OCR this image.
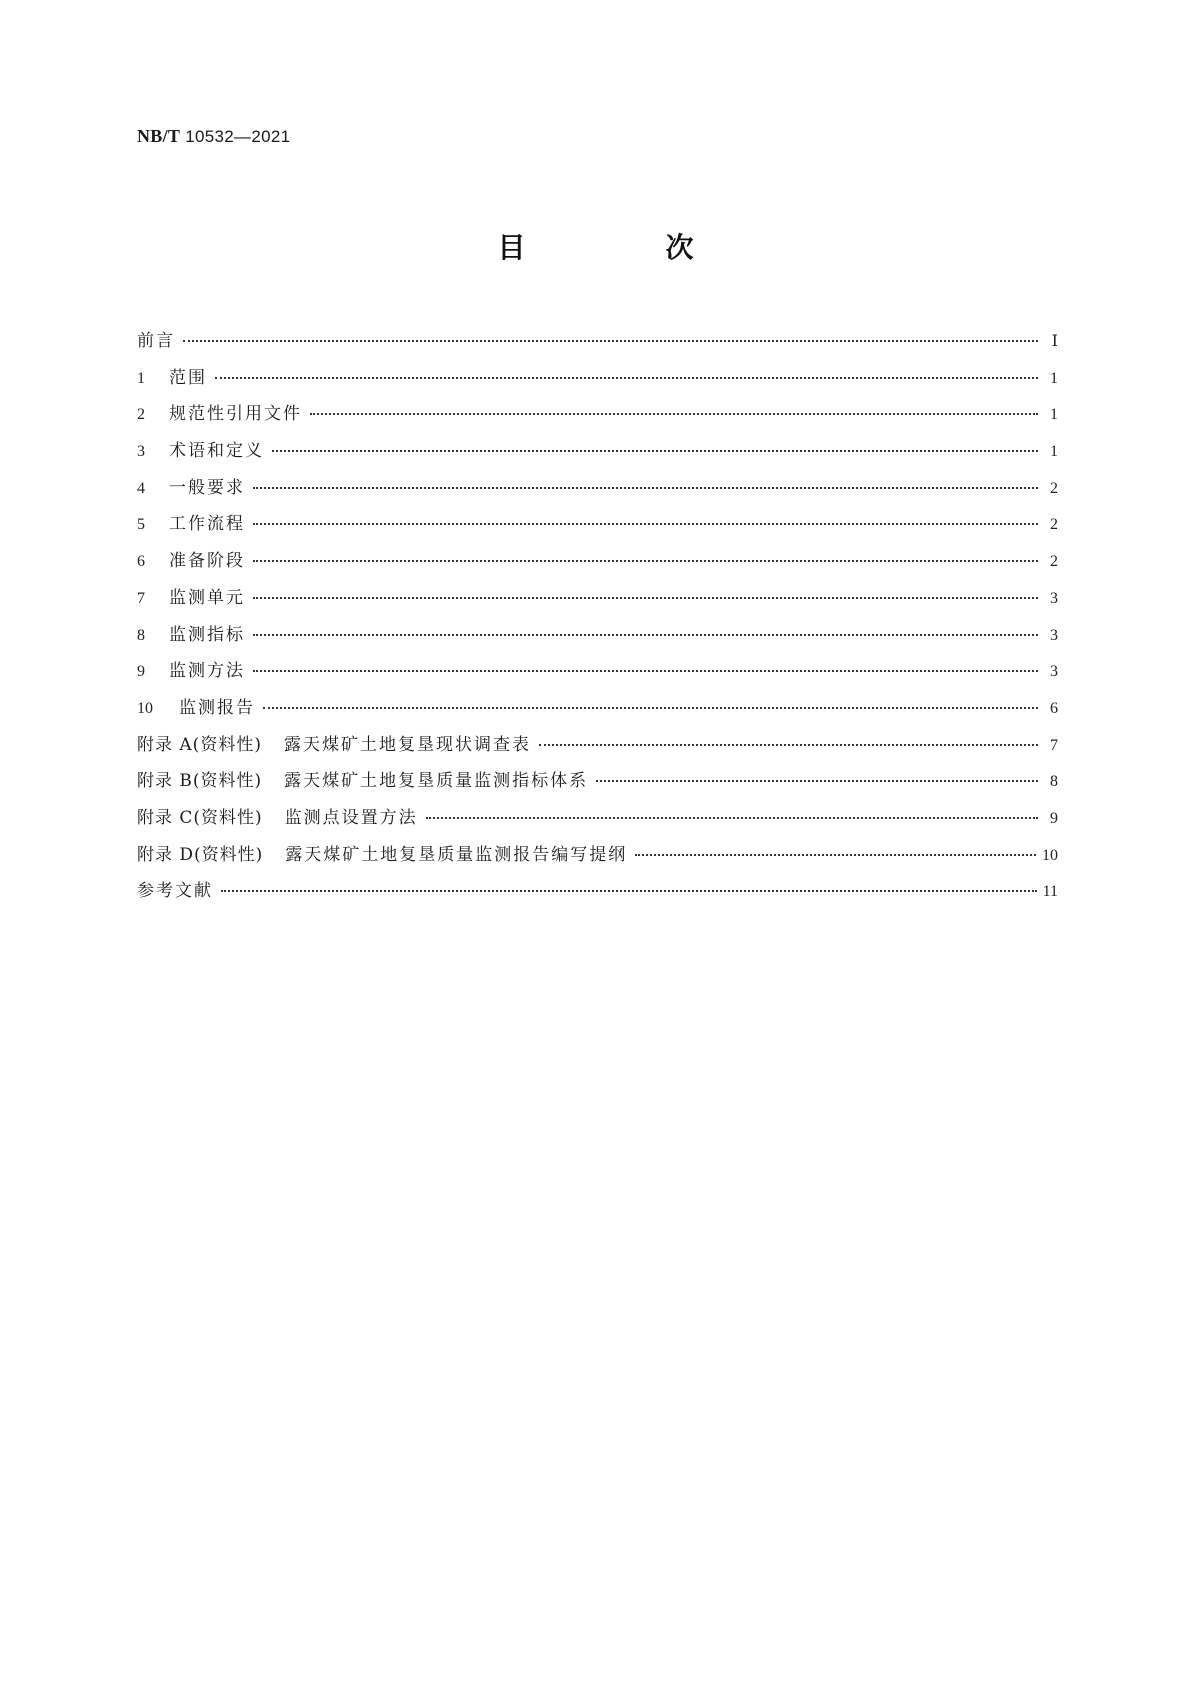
NB/T 10532—2021
目　次
前言	Ⅰ
1	范围	1
2	规范性引用文件	1
3	术语和定义	1
4	一般要求	2
5	工作流程	2
6	准备阶段	2
7	监测单元	3
8	监测指标	3
9	监测方法	3
10	监测报告	6
附录 A(资料性) 露天煤矿土地复垦现状调查表	7
附录 B(资料性) 露天煤矿土地复垦质量监测指标体系	8
附录 C(资料性) 监测点设置方法	9
附录 D(资料性) 露天煤矿土地复垦质量监测报告编写提纲	10
参考文献	11
